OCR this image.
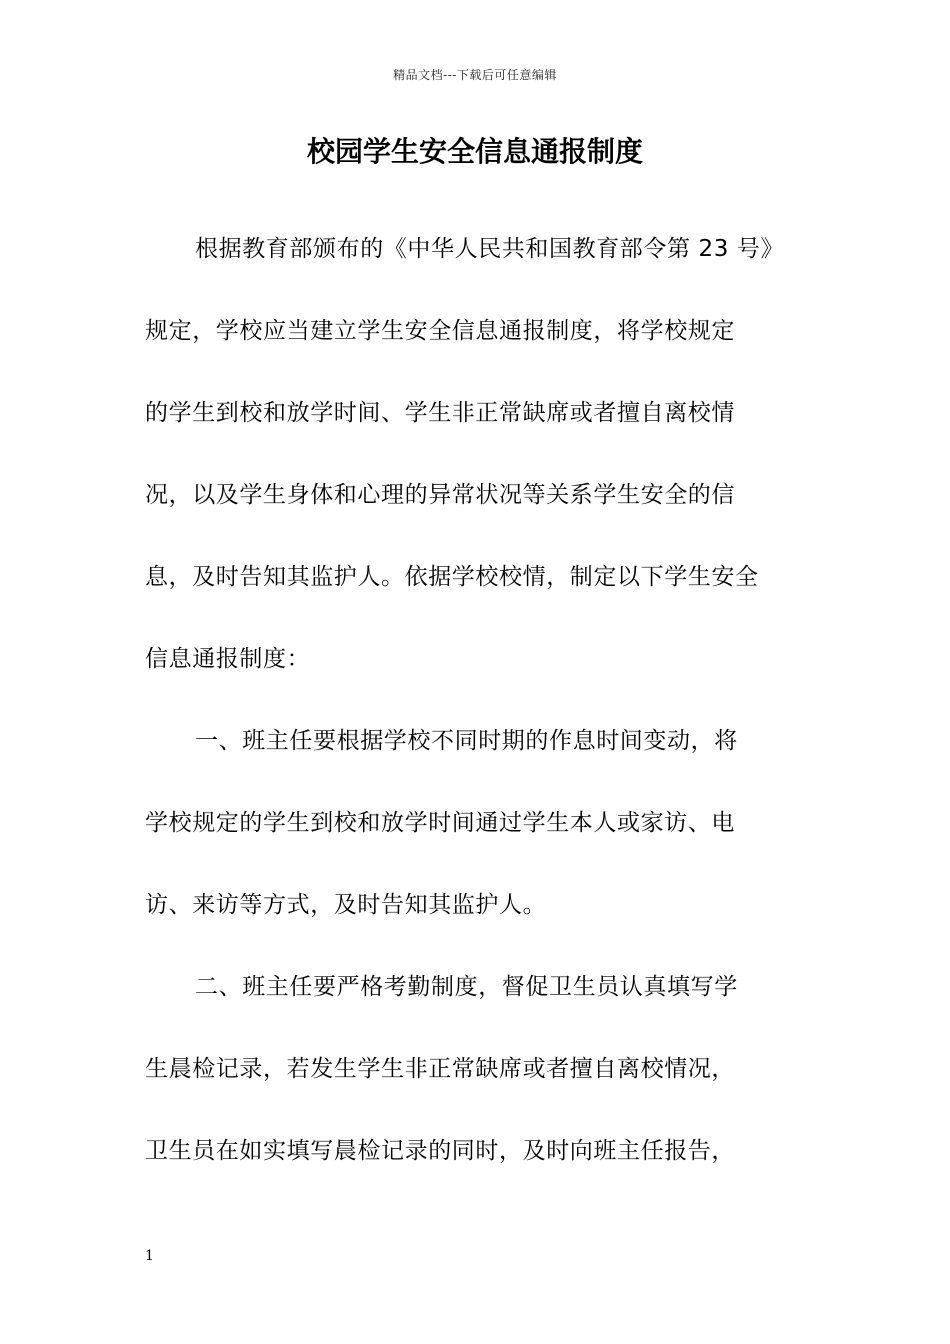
精品文档---下载后可任意编辑
校园学生安全信息通报制度
根据教育部颁布的《中华人民共和国教育部令第 23 号》
规定，学校应当建立学生安全信息通报制度，将学校规定
的学生到校和放学时间、学生非正常缺席或者擅自离校情
况，以及学生身体和心理的异常状况等关系学生安全的信
息，及时告知其监护人。依据学校校情，制定以下学生安全
信息通报制度：
一、班主任要根据学校不同时期的作息时间变动，将
学校规定的学生到校和放学时间通过学生本人或家访、电
访、来访等方式，及时告知其监护人。
二、班主任要严格考勤制度，督促卫生员认真填写学
生晨检记录，若发生学生非正常缺席或者擅自离校情况，
卫生员在如实填写晨检记录的同时，及时向班主任报告，
1
